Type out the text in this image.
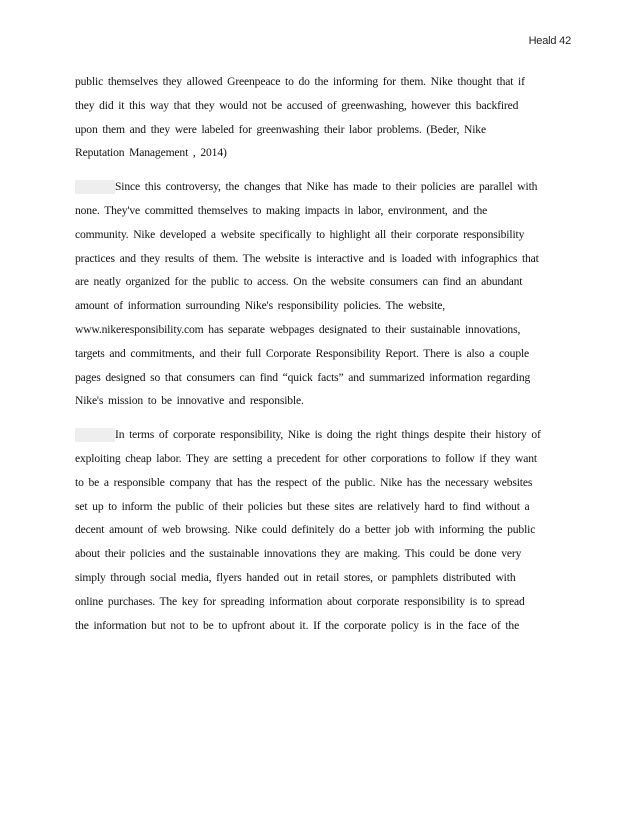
Heald 42
public themselves they allowed Greenpeace to do the informing for them. Nike thought that if
they did it this way that they would not be accused of greenwashing, however this backfired
upon them and they were labeled for greenwashing their labor problems. (Beder, Nike
Reputation Management , 2014)
Since this controversy, the changes that Nike has made to their policies are parallel with
none. They've committed themselves to making impacts in labor, environment, and the
community. Nike developed a website specifically to highlight all their corporate responsibility
practices and they results of them. The website is interactive and is loaded with infographics that
are neatly organized for the public to access. On the website consumers can find an abundant
amount of information surrounding Nike's responsibility policies. The website,
www.nikeresponsibility.com has separate webpages designated to their sustainable innovations,
targets and commitments, and their full Corporate Responsibility Report. There is also a couple
pages designed so that consumers can find “quick facts” and summarized information regarding
Nike's mission to be innovative and responsible.
In terms of corporate responsibility, Nike is doing the right things despite their history of
exploiting cheap labor. They are setting a precedent for other corporations to follow if they want
to be a responsible company that has the respect of the public. Nike has the necessary websites
set up to inform the public of their policies but these sites are relatively hard to find without a
decent amount of web browsing. Nike could definitely do a better job with informing the public
about their policies and the sustainable innovations they are making. This could be done very
simply through social media, flyers handed out in retail stores, or pamphlets distributed with
online purchases. The key for spreading information about corporate responsibility is to spread
the information but not to be to upfront about it. If the corporate policy is in the face of the
